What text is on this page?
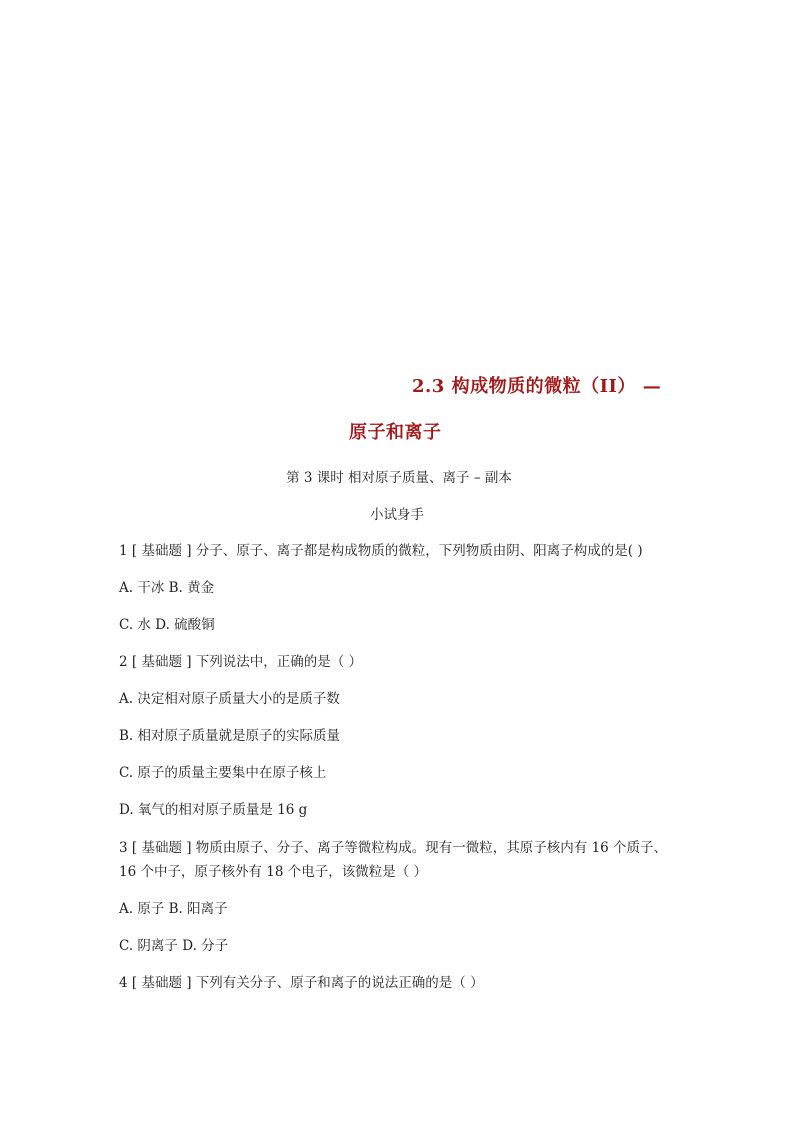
2.3 构成物质的微粒（II） —
原子和离子
第 3 课时 相对原子质量、离子 – 副本
小试身手
1 [ 基础题 ] 分子、原子、离子都是构成物质的微粒，下列物质由阴、阳离子构成的是( )
A. 干冰 B. 黄金
C. 水 D. 硫酸铜
2 [ 基础题 ] 下列说法中，正确的是（ ）
A. 决定相对原子质量大小的是质子数
B. 相对原子质量就是原子的实际质量
C. 原子的质量主要集中在原子核上
D. 氧气的相对原子质量是 16 g
3 [ 基础题 ] 物质由原子、分子、离子等微粒构成。现有一微粒，其原子核内有 16 个质子、
16 个中子，原子核外有 18 个电子，该微粒是（ ）
A. 原子 B. 阳离子
C. 阴离子 D. 分子
4 [ 基础题 ] 下列有关分子、原子和离子的说法正确的是（ ）
